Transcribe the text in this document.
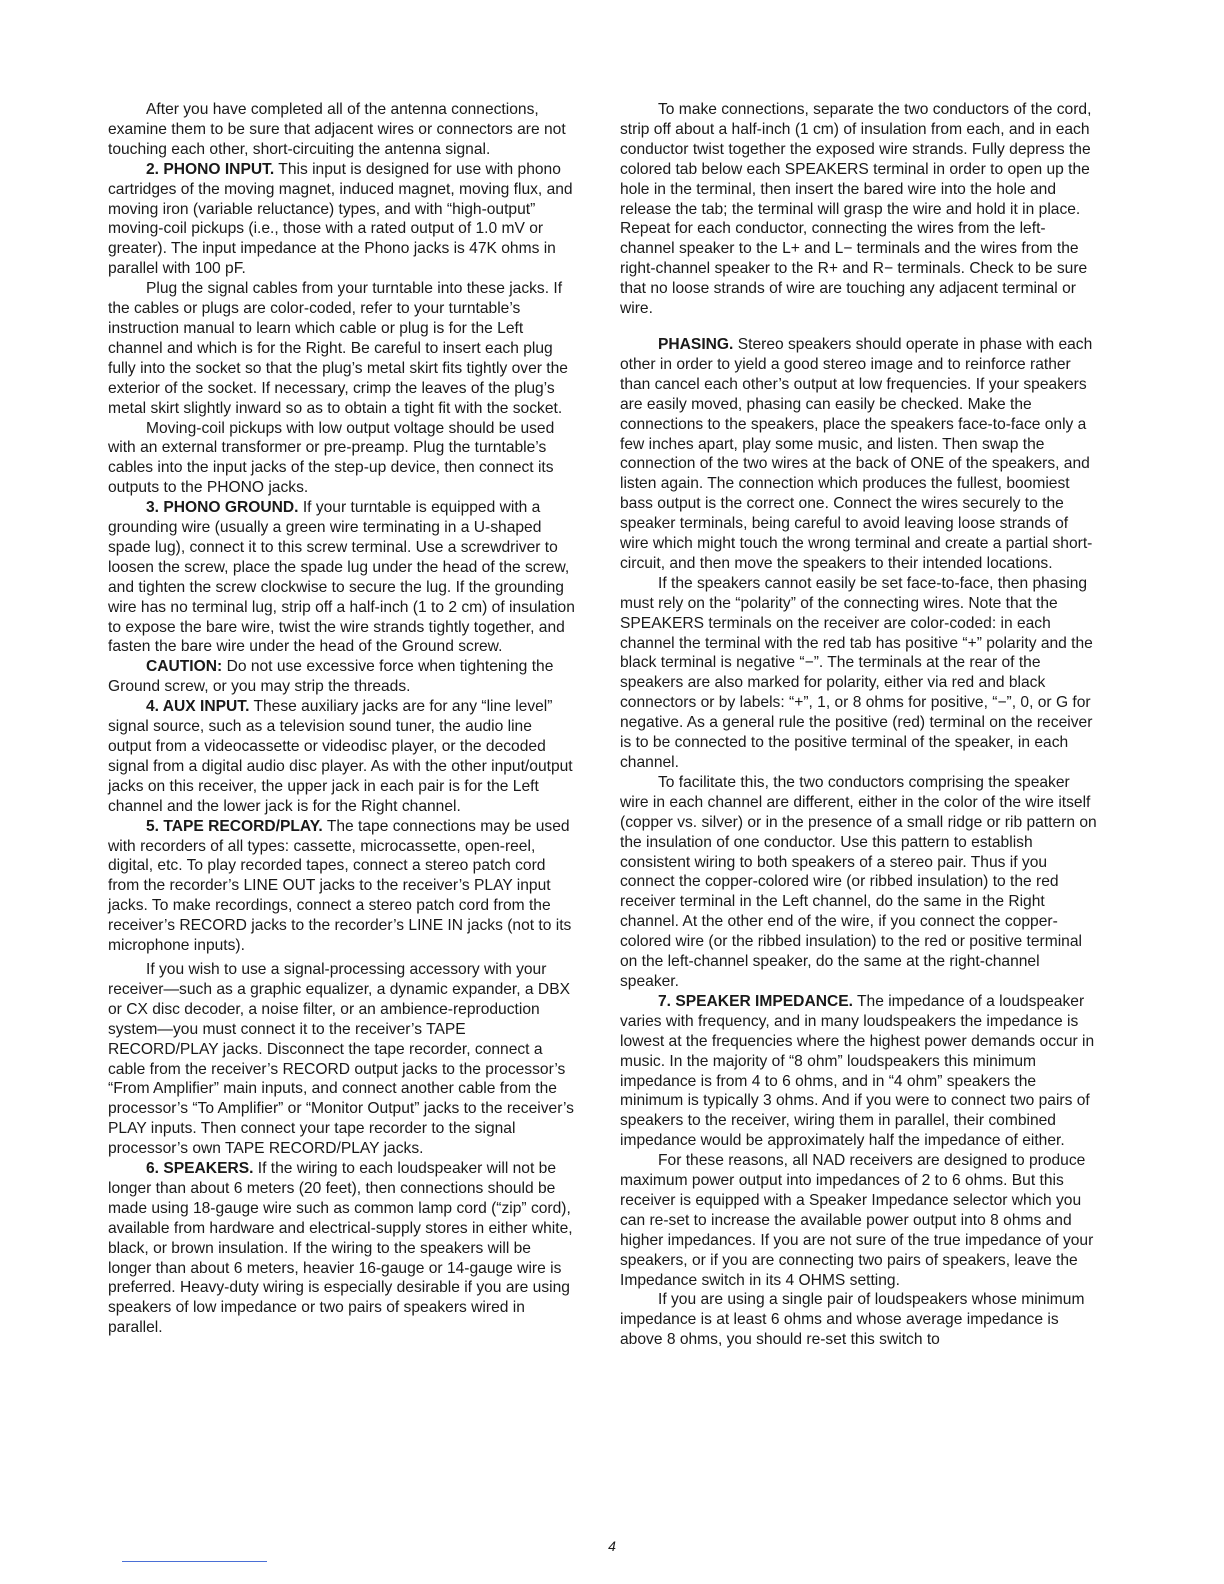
After you have completed all of the antenna connections, examine them to be sure that adjacent wires or connectors are not touching each other, short-circuiting the antenna signal.

2. PHONO INPUT. This input is designed for use with phono cartridges of the moving magnet, induced magnet, moving flux, and moving iron (variable reluctance) types, and with “high-output” moving-coil pickups (i.e., those with a rated output of 1.0 mV or greater). The input impedance at the Phono jacks is 47K ohms in parallel with 100 pF.

Plug the signal cables from your turntable into these jacks. If the cables or plugs are color-coded, refer to your turntable’s instruction manual to learn which cable or plug is for the Left channel and which is for the Right. Be careful to insert each plug fully into the socket so that the plug’s metal skirt fits tightly over the exterior of the socket. If necessary, crimp the leaves of the plug’s metal skirt slightly inward so as to obtain a tight fit with the socket.

Moving-coil pickups with low output voltage should be used with an external transformer or pre-preamp. Plug the turntable’s cables into the input jacks of the step-up device, then connect its outputs to the PHONO jacks.

3. PHONO GROUND. If your turntable is equipped with a grounding wire (usually a green wire terminating in a U-shaped spade lug), connect it to this screw terminal. Use a screwdriver to loosen the screw, place the spade lug under the head of the screw, and tighten the screw clockwise to secure the lug. If the grounding wire has no terminal lug, strip off a half-inch (1 to 2 cm) of insulation to expose the bare wire, twist the wire strands tightly together, and fasten the bare wire under the head of the Ground screw.

CAUTION: Do not use excessive force when tightening the Ground screw, or you may strip the threads.

4. AUX INPUT. These auxiliary jacks are for any “line level” signal source, such as a television sound tuner, the audio line output from a videocassette or videodisc player, or the decoded signal from a digital audio disc player. As with the other input/output jacks on this receiver, the upper jack in each pair is for the Left channel and the lower jack is for the Right channel.

5. TAPE RECORD/PLAY. The tape connections may be used with recorders of all types: cassette, microcassette, open-reel, digital, etc. To play recorded tapes, connect a stereo patch cord from the recorder’s LINE OUT jacks to the receiver’s PLAY input jacks. To make recordings, connect a stereo patch cord from the receiver’s RECORD jacks to the recorder’s LINE IN jacks (not to its microphone inputs).

If you wish to use a signal-processing accessory with your receiver—such as a graphic equalizer, a dynamic expander, a DBX or CX disc decoder, a noise filter, or an ambience-reproduction system—you must connect it to the receiver’s TAPE RECORD/PLAY jacks. Disconnect the tape recorder, connect a cable from the receiver’s RECORD output jacks to the processor’s “From Amplifier” main inputs, and connect another cable from the processor’s “To Amplifier” or “Monitor Output” jacks to the receiver’s PLAY inputs. Then connect your tape recorder to the signal processor’s own TAPE RECORD/PLAY jacks.

6. SPEAKERS. If the wiring to each loudspeaker will not be longer than about 6 meters (20 feet), then connections should be made using 18-gauge wire such as common lamp cord (“zip” cord), available from hardware and electrical-supply stores in either white, black, or brown insulation. If the wiring to the speakers will be longer than about 6 meters, heavier 16-gauge or 14-gauge wire is preferred. Heavy-duty wiring is especially desirable if you are using speakers of low impedance or two pairs of speakers wired in parallel.

To make connections, separate the two conductors of the cord, strip off about a half-inch (1 cm) of insulation from each, and in each conductor twist together the exposed wire strands. Fully depress the colored tab below each SPEAKERS terminal in order to open up the hole in the terminal, then insert the bared wire into the hole and release the tab; the terminal will grasp the wire and hold it in place. Repeat for each conductor, connecting the wires from the left-channel speaker to the L+ and L− terminals and the wires from the right-channel speaker to the R+ and R− terminals. Check to be sure that no loose strands of wire are touching any adjacent terminal or wire.

PHASING. Stereo speakers should operate in phase with each other in order to yield a good stereo image and to reinforce rather than cancel each other’s output at low frequencies. If your speakers are easily moved, phasing can easily be checked. Make the connections to the speakers, place the speakers face-to-face only a few inches apart, play some music, and listen. Then swap the connection of the two wires at the back of ONE of the speakers, and listen again. The connection which produces the fullest, boomiest bass output is the correct one. Connect the wires securely to the speaker terminals, being careful to avoid leaving loose strands of wire which might touch the wrong terminal and create a partial short-circuit, and then move the speakers to their intended locations.

If the speakers cannot easily be set face-to-face, then phasing must rely on the “polarity” of the connecting wires. Note that the SPEAKERS terminals on the receiver are color-coded: in each channel the terminal with the red tab has positive “+” polarity and the black terminal is negative “−”. The terminals at the rear of the speakers are also marked for polarity, either via red and black connectors or by labels: “+”, 1, or 8 ohms for positive, “−”, 0, or G for negative. As a general rule the positive (red) terminal on the receiver is to be connected to the positive terminal of the speaker, in each channel.

To facilitate this, the two conductors comprising the speaker wire in each channel are different, either in the color of the wire itself (copper vs. silver) or in the presence of a small ridge or rib pattern on the insulation of one conductor. Use this pattern to establish consistent wiring to both speakers of a stereo pair. Thus if you connect the copper-colored wire (or ribbed insulation) to the red receiver terminal in the Left channel, do the same in the Right channel. At the other end of the wire, if you connect the copper-colored wire (or the ribbed insulation) to the red or positive terminal on the left-channel speaker, do the same at the right-channel speaker.

7. SPEAKER IMPEDANCE. The impedance of a loudspeaker varies with frequency, and in many loudspeakers the impedance is lowest at the frequencies where the highest power demands occur in music. In the majority of “8 ohm” loudspeakers this minimum impedance is from 4 to 6 ohms, and in “4 ohm” speakers the minimum is typically 3 ohms. And if you were to connect two pairs of speakers to the receiver, wiring them in parallel, their combined impedance would be approximately half the impedance of either.

For these reasons, all NAD receivers are designed to produce maximum power output into impedances of 2 to 6 ohms. But this receiver is equipped with a Speaker Impedance selector which you can re-set to increase the available power output into 8 ohms and higher impedances. If you are not sure of the true impedance of your speakers, or if you are connecting two pairs of speakers, leave the Impedance switch in its 4 OHMS setting.

If you are using a single pair of loudspeakers whose minimum impedance is at least 6 ohms and whose average impedance is above 8 ohms, you should re-set this switch to

4
